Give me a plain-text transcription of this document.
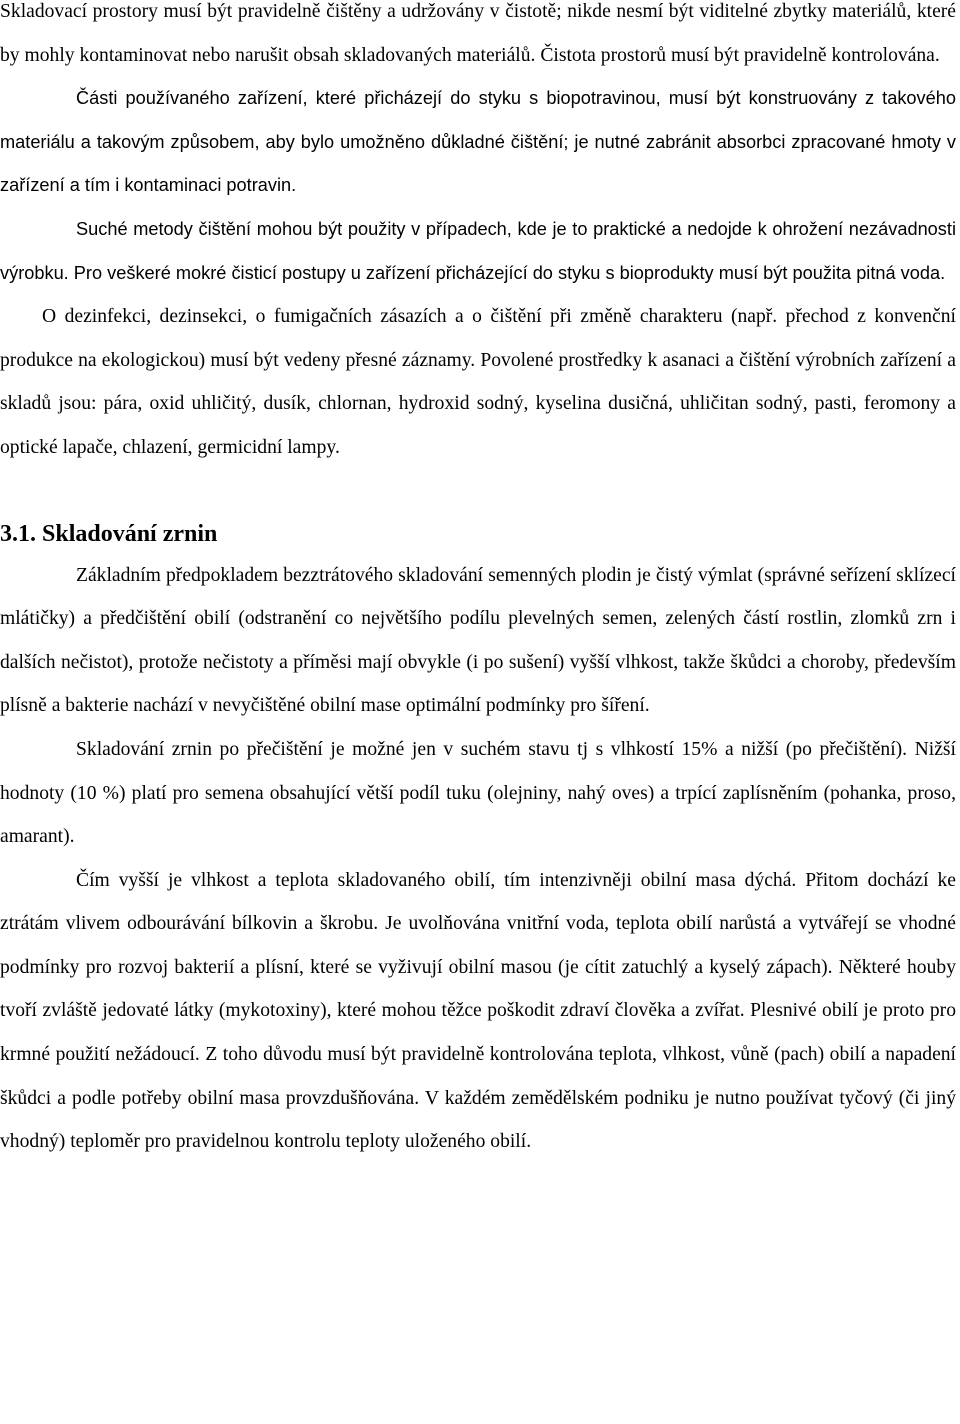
Skladovací prostory musí být pravidelně čištěny a udržovány v čistotě; nikde nesmí být viditelné zbytky materiálů, které by mohly kontaminovat nebo narušit obsah skladovaných materiálů. Čistota prostorů musí být pravidelně kontrolována.

Části používaného zařízení, které přicházejí do styku s biopotravinou, musí být konstruovány z takového materiálu a takovým způsobem, aby bylo umožněno důkladné čištění; je nutné zabránit absorbci zpracované hmoty v zařízení a tím i kontaminaci potravin.

Suché metody čištění mohou být použity v případech, kde je to praktické a nedojde k ohrožení nezávadnosti výrobku. Pro veškeré mokré čisticí postupy u zařízení přicházející do styku s bioprodukty musí být použita pitná voda.

O dezinfekci, dezinsekci, o fumigačních zásazích a o čištění při změně charakteru (např. přechod z konvenční produkce na ekologickou) musí být vedeny přesné záznamy. Povolené prostředky k asanaci a čištění výrobních zařízení a skladů jsou: pára, oxid uhličitý, dusík, chlornan, hydroxid sodný, kyselina dusičná, uhličitan sodný, pasti, feromony a optické lapače, chlazení, germicidní lampy.

3.1. Skladování zrnin

Základním předpokladem bezztrátového skladování semenných plodin je čistý výmlat (správné seřízení sklízecí mlátičky) a předčištění obilí (odstranění co největšího podílu plevelných semen, zelených částí rostlin, zlomků zrn i dalších nečistot), protože nečistoty a příměsi mají obvykle (i po sušení) vyšší vlhkost, takže škůdci a choroby, především plísně a bakterie nachází v nevyčištěné obilní mase optimální podmínky pro šíření.

Skladování zrnin po přečištění je možné jen v suchém stavu tj s vlhkostí 15% a nižší (po přečištění). Nižší hodnoty (10 %) platí pro semena obsahující větší podíl tuku (olejniny, nahý oves) a trpící zaplísněním (pohanka, proso, amarant).

Čím vyšší je vlhkost a teplota skladovaného obilí, tím intenzivněji obilní masa dýchá. Přitom dochází ke ztrátám vlivem odbourávání bílkovin a škrobu. Je uvolňována vnitřní voda, teplota obilí narůstá a vytvářejí se vhodné podmínky pro rozvoj bakterií a plísní, které se vyživují obilní masou (je cítit zatuchlý a kyselý zápach). Některé houby tvoří zvláště jedovaté látky (mykotoxiny), které mohou těžce poškodit zdraví člověka a zvířat. Plesnivé obilí je proto pro krmné použití nežádoucí. Z toho důvodu musí být pravidelně kontrolována teplota, vlhkost, vůně (pach) obilí a napadení škůdci a podle potřeby obilní masa provzdušňována. V každém zemědělském podniku je nutno používat tyčový (či jiný vhodný) teploměr pro pravidelnou kontrolu teploty uloženého obilí.
